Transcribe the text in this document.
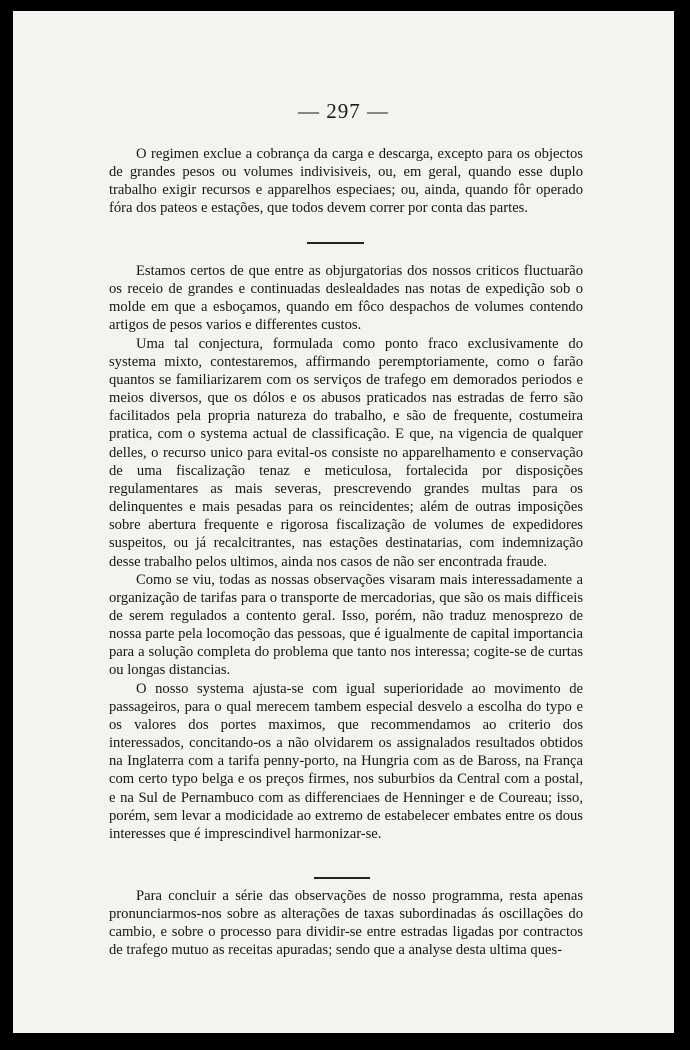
— 297 —

O regimen exclue a cobrança da carga e descarga, excepto para os objectos de grandes pesos ou volumes indivisiveis, ou, em geral, quando esse duplo trabalho exigir recursos e apparelhos especiaes; ou, ainda, quando fôr operado fóra dos pateos e estações, que todos devem correr por conta das partes.

Estamos certos de que entre as objurgatorias dos nossos criticos fluctuarão os receio de grandes e continuadas deslealdades nas notas de expedição sob o molde em que a esboçamos, quando em fôco despachos de volumes contendo artigos de pesos varios e differentes custos.

Uma tal conjectura, formulada como ponto fraco exclusivamente do systema mixto, contestaremos, affirmando peremptoriamente, como o farão quantos se familiarizarem com os serviços de trafego em demorados periodos e meios diversos, que os dólos e os abusos praticados nas estradas de ferro são facilitados pela propria natureza do trabalho, e são de frequente, costumeira pratica, com o systema actual de classificação. E que, na vigencia de qualquer delles, o recurso unico para evital-os consiste no apparelhamento e conservação de uma fiscalização tenaz e meticulosa, fortalecida por disposições regulamentares as mais severas, prescrevendo grandes multas para os delinquentes e mais pesadas para os reincidentes; além de outras imposições sobre abertura frequente e rigorosa fiscalização de volumes de expedidores suspeitos, ou já recalcitrantes, nas estações destinatarias, com indemnização desse trabalho pelos ultimos, ainda nos casos de não ser encontrada fraude.

Como se viu, todas as nossas observações visaram mais interessadamente a organização de tarifas para o transporte de mercadorias, que são os mais difficeis de serem regulados a contento geral. Isso, porém, não traduz menosprezo de nossa parte pela locomoção das pessoas, que é igualmente de capital importancia para a solução completa do problema que tanto nos interessa; cogite-se de curtas ou longas distancias.

O nosso systema ajusta-se com igual superioridade ao movimento de passageiros, para o qual merecem tambem especial desvelo a escolha do typo e os valores dos portes maximos, que recommendamos ao criterio dos interessados, concitando-os a não olvidarem os assignalados resultados obtidos na Inglaterra com a tarifa penny-porto, na Hungria com as de Baross, na França com certo typo belga e os preços firmes, nos suburbios da Central com a postal, e na Sul de Pernambuco com as differenciaes de Henninger e de Coureau; isso, porém, sem levar a modicidade ao extremo de estabelecer embates entre os dous interesses que é imprescindivel harmonizar-se.

Para concluir a série das observações de nosso programma, resta apenas pronunciarmos-nos sobre as alterações de taxas subordinadas ás oscillações do cambio, e sobre o processo para dividir-se entre estradas ligadas por contractos de trafego mutuo as receitas apuradas; sendo que a analyse desta ultima ques-
